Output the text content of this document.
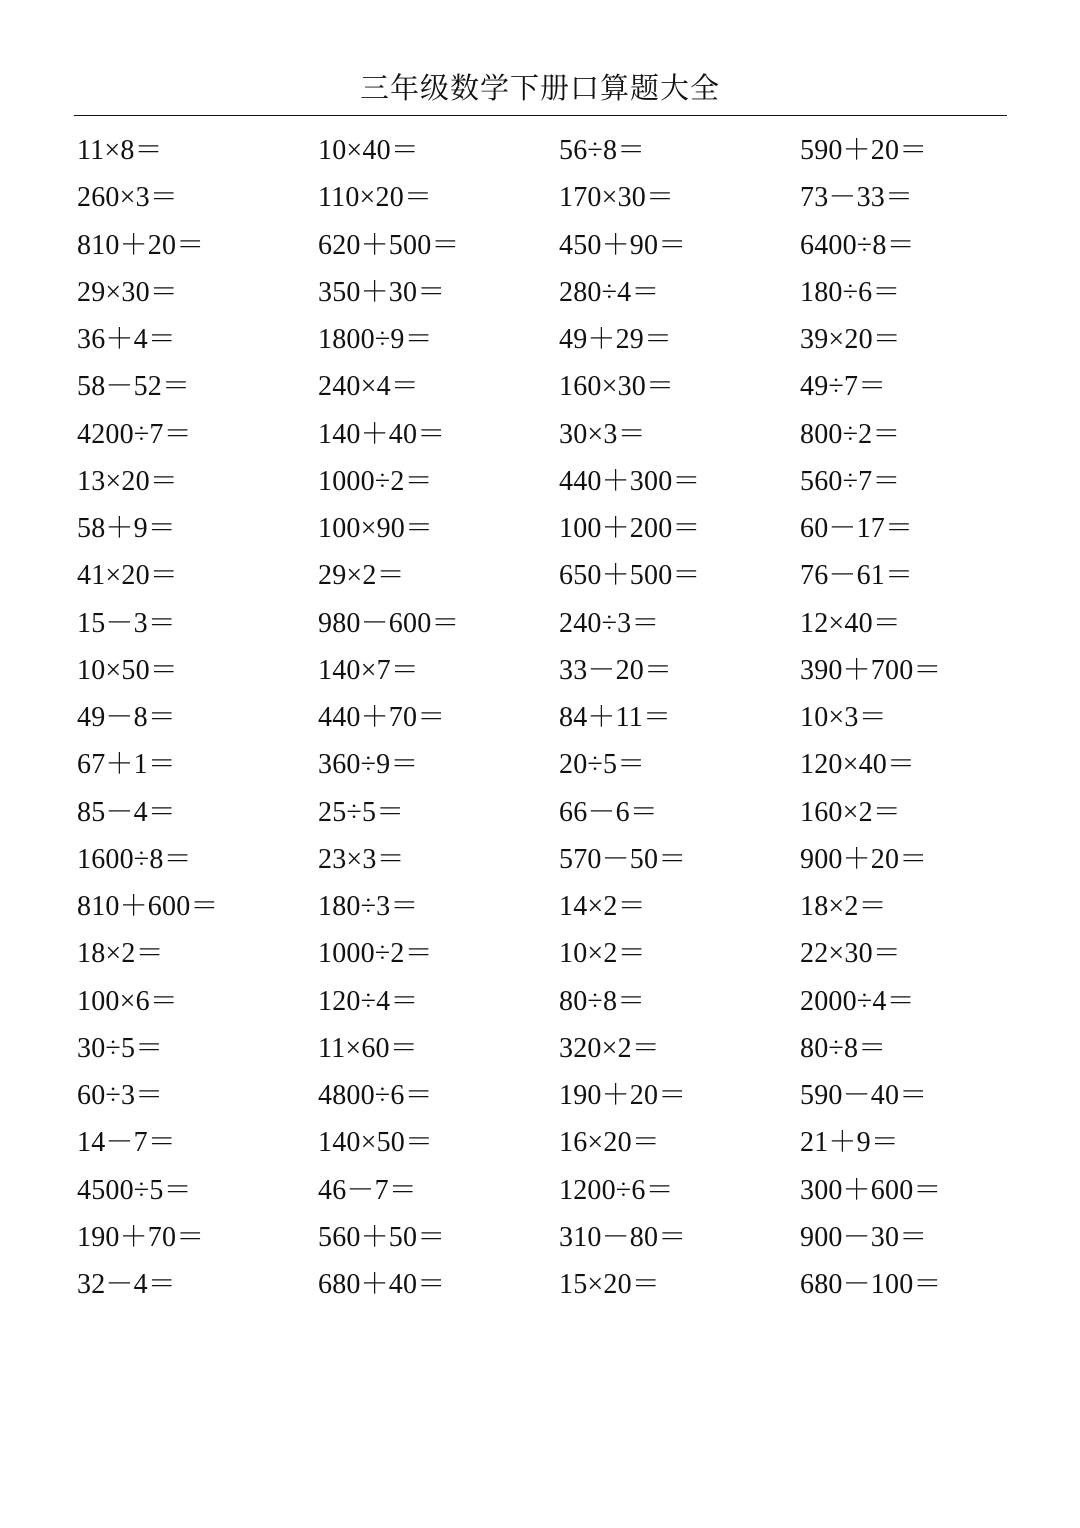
三年级数学下册口算题大全
11×8＝	10×40＝	56÷8＝	590＋20＝
260×3＝	110×20＝	170×30＝	73－33＝
810＋20＝	620＋500＝	450＋90＝	6400÷8＝
29×30＝	350＋30＝	280÷4＝	180÷6＝
36＋4＝	1800÷9＝	49＋29＝	39×20＝
58－52＝	240×4＝	160×30＝	49÷7＝
4200÷7＝	140＋40＝	30×3＝	800÷2＝
13×20＝	1000÷2＝	440＋300＝	560÷7＝
58＋9＝	100×90＝	100＋200＝	60－17＝
41×20＝	29×2＝	650＋500＝	76－61＝
15－3＝	980－600＝	240÷3＝	12×40＝
10×50＝	140×7＝	33－20＝	390＋700＝
49－8＝	440＋70＝	84＋11＝	10×3＝
67＋1＝	360÷9＝	20÷5＝	120×40＝
85－4＝	25÷5＝	66－6＝	160×2＝
1600÷8＝	23×3＝	570－50＝	900＋20＝
810＋600＝	180÷3＝	14×2＝	18×2＝
18×2＝	1000÷2＝	10×2＝	22×30＝
100×6＝	120÷4＝	80÷8＝	2000÷4＝
30÷5＝	11×60＝	320×2＝	80÷8＝
60÷3＝	4800÷6＝	190＋20＝	590－40＝
14－7＝	140×50＝	16×20＝	21＋9＝
4500÷5＝	46－7＝	1200÷6＝	300＋600＝
190＋70＝	560＋50＝	310－80＝	900－30＝
32－4＝	680＋40＝	15×20＝	680－100＝
